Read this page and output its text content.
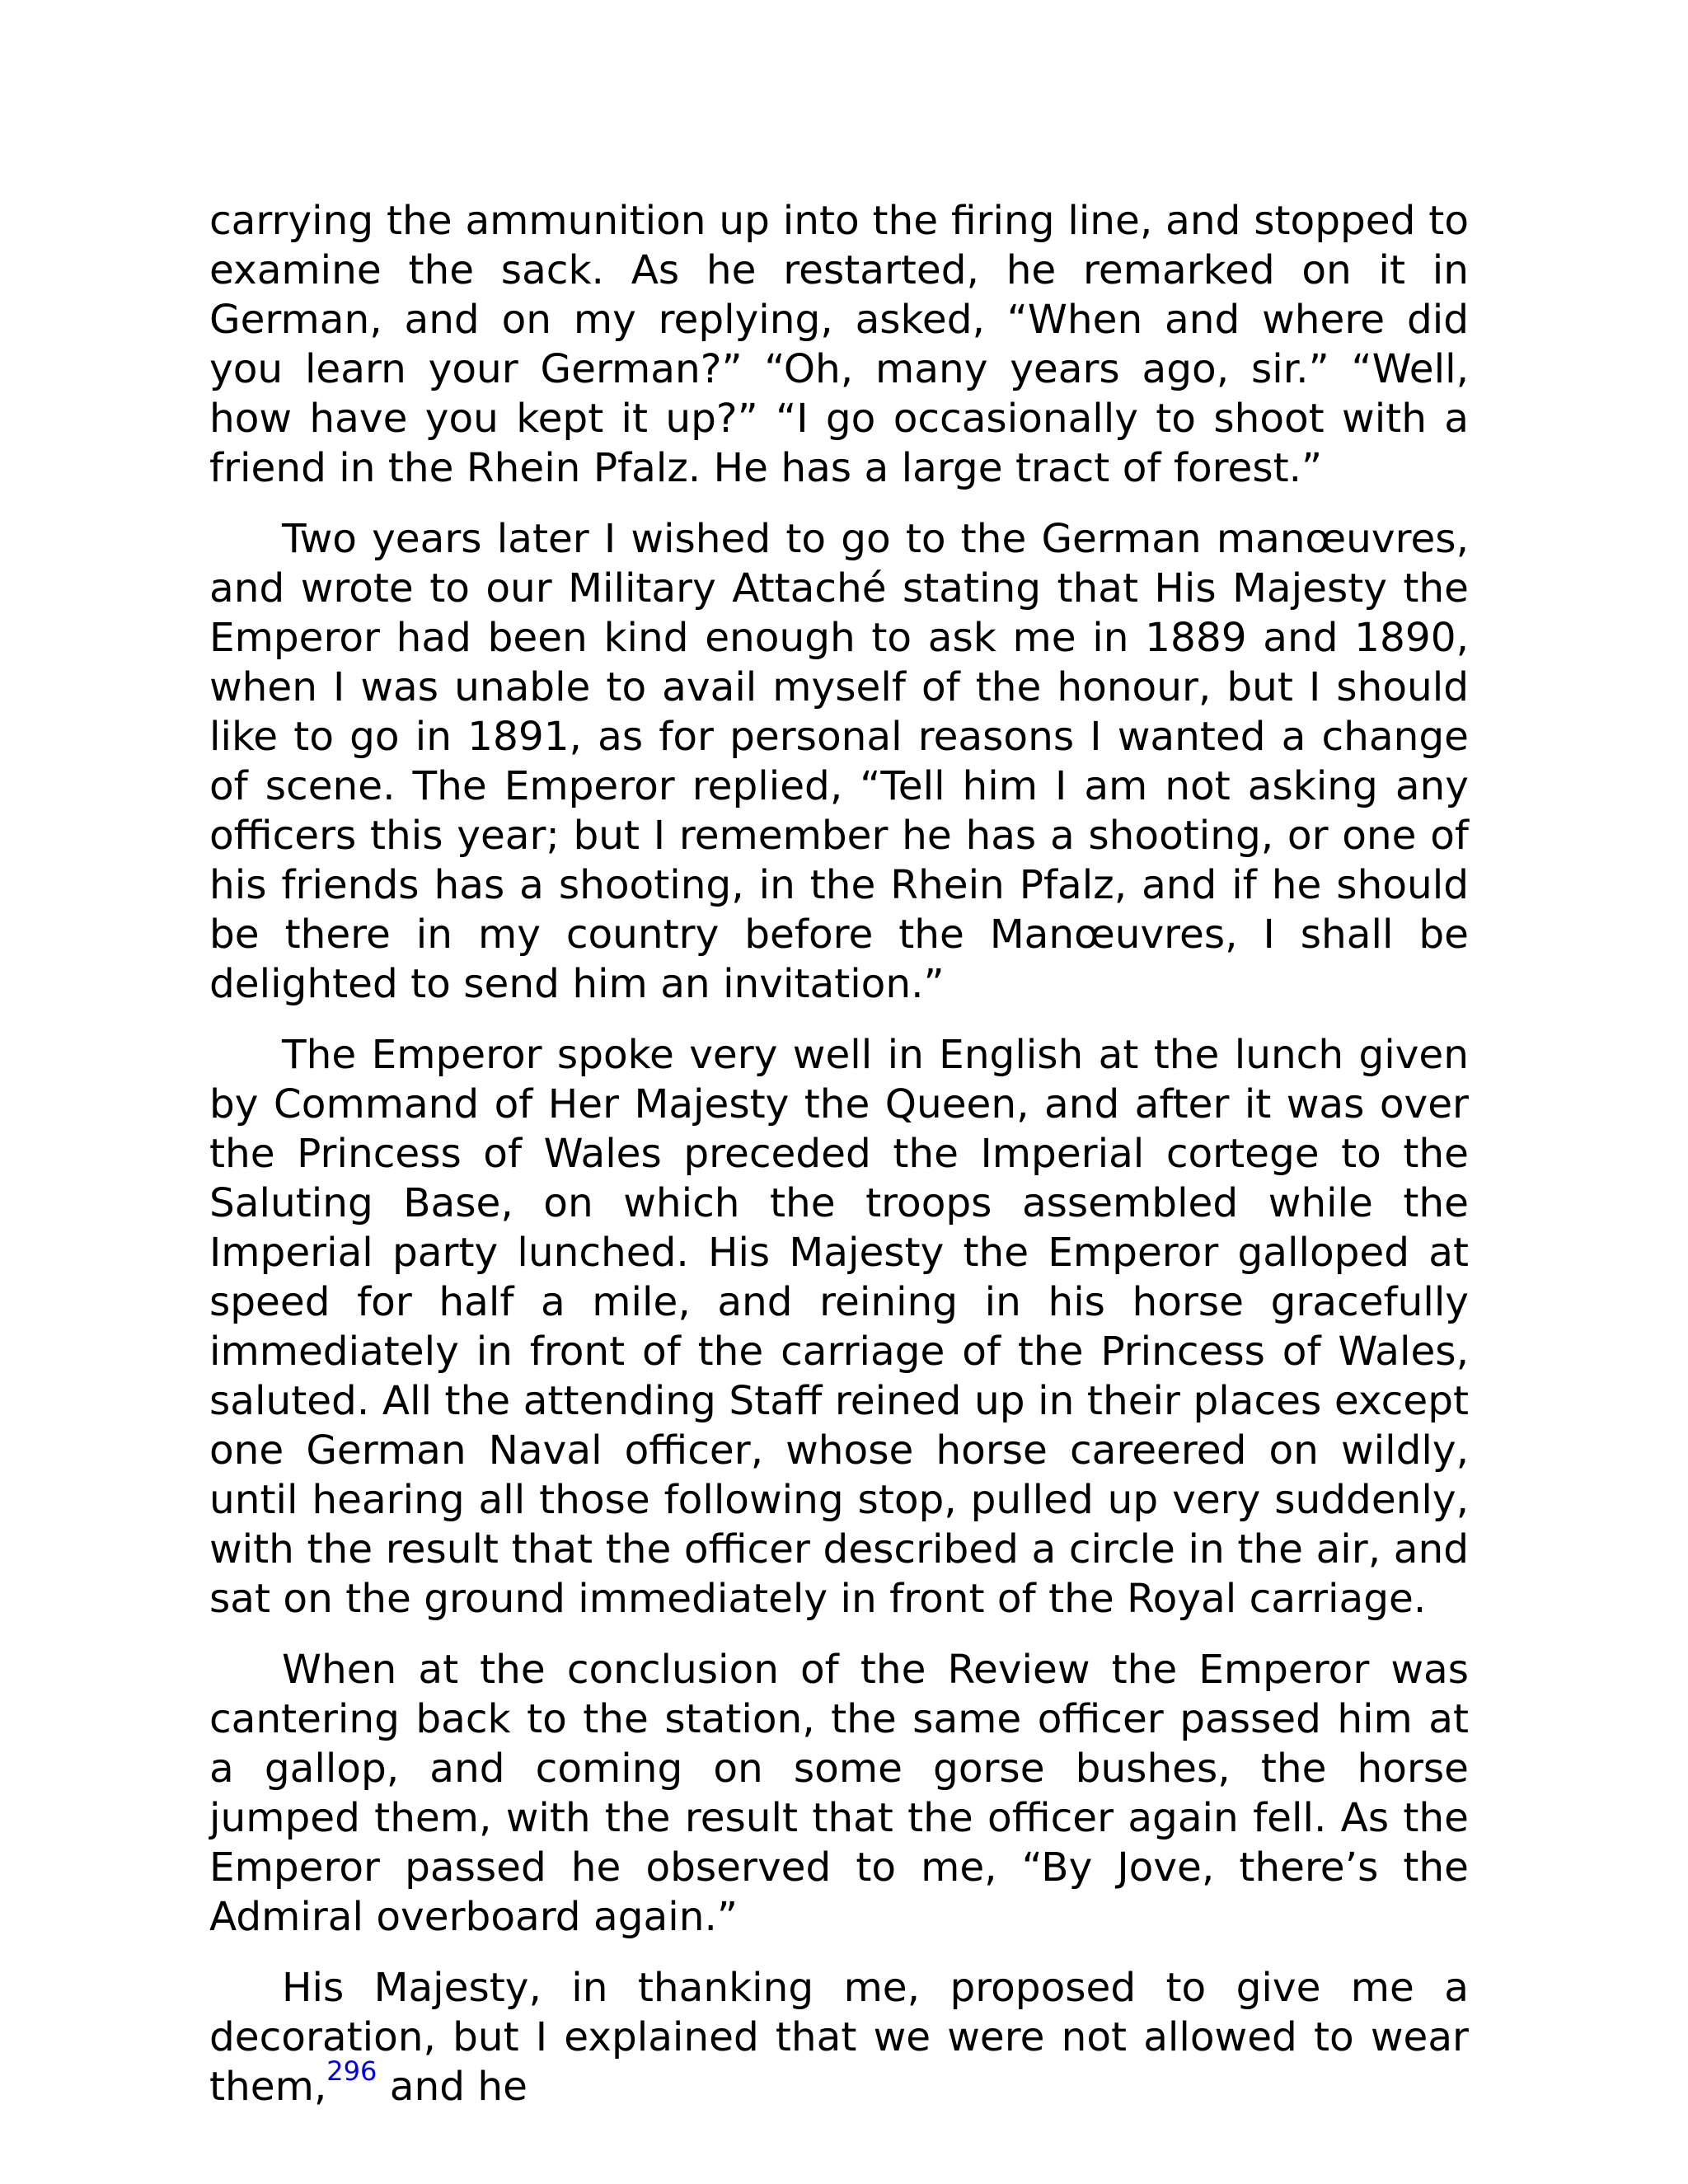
carrying the ammunition up into the firing line, and stopped to examine the sack. As he restarted, he remarked on it in German, and on my replying, asked, “When and where did you learn your German?” “Oh, many years ago, sir.” “Well, how have you kept it up?” “I go occasionally to shoot with a friend in the Rhein Pfalz. He has a large tract of forest.”

Two years later I wished to go to the German manœuvres, and wrote to our Military Attaché stating that His Majesty the Emperor had been kind enough to ask me in 1889 and 1890, when I was unable to avail myself of the honour, but I should like to go in 1891, as for personal reasons I wanted a change of scene. The Emperor replied, “Tell him I am not asking any officers this year; but I remember he has a shooting, or one of his friends has a shooting, in the Rhein Pfalz, and if he should be there in my country before the Manœuvres, I shall be delighted to send him an invitation.”

The Emperor spoke very well in English at the lunch given by Command of Her Majesty the Queen, and after it was over the Princess of Wales preceded the Imperial cortege to the Saluting Base, on which the troops assembled while the Imperial party lunched. His Majesty the Emperor galloped at speed for half a mile, and reining in his horse gracefully immediately in front of the carriage of the Princess of Wales, saluted. All the attending Staff reined up in their places except one German Naval officer, whose horse careered on wildly, until hearing all those following stop, pulled up very suddenly, with the result that the officer described a circle in the air, and sat on the ground immediately in front of the Royal carriage.

When at the conclusion of the Review the Emperor was cantering back to the station, the same officer passed him at a gallop, and coming on some gorse bushes, the horse jumped them, with the result that the officer again fell. As the Emperor passed he observed to me, “By Jove, there’s the Admiral overboard again.”

His Majesty, in thanking me, proposed to give me a decoration, but I explained that we were not allowed to wear them,$^{296}$ and he
